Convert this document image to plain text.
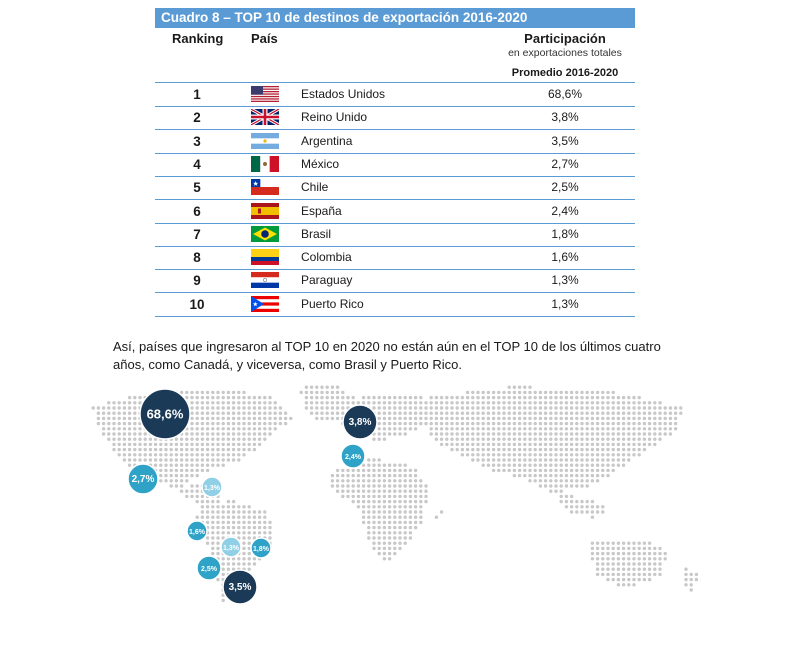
Cuadro 8 – TOP 10 de destinos de exportación 2016-2020
Ranking País	Participación
en exportaciones totales
Promedio 2016-2020
1	Estados Unidos	68,6%
2	Reino Unido	3,8%
3	Argentina	3,5%
4	México	2,7%
5	Chile	2,5%
6	España	2,4%
7	Brasil	1,8%
8	Colombia	1,6%
9	Paraguay	1,3%
10	Puerto Rico	1,3%
Así, países que ingresaron al TOP 10 en 2020 no están aún en el TOP 10 de los últimos cuatro años, como Canadá, y viceversa, como Brasil y Puerto Rico.
68,6%
3,8%
2,4%
2,7%
1,3%
1,6%
1,3% 1,8%
2,5%
3,5%
